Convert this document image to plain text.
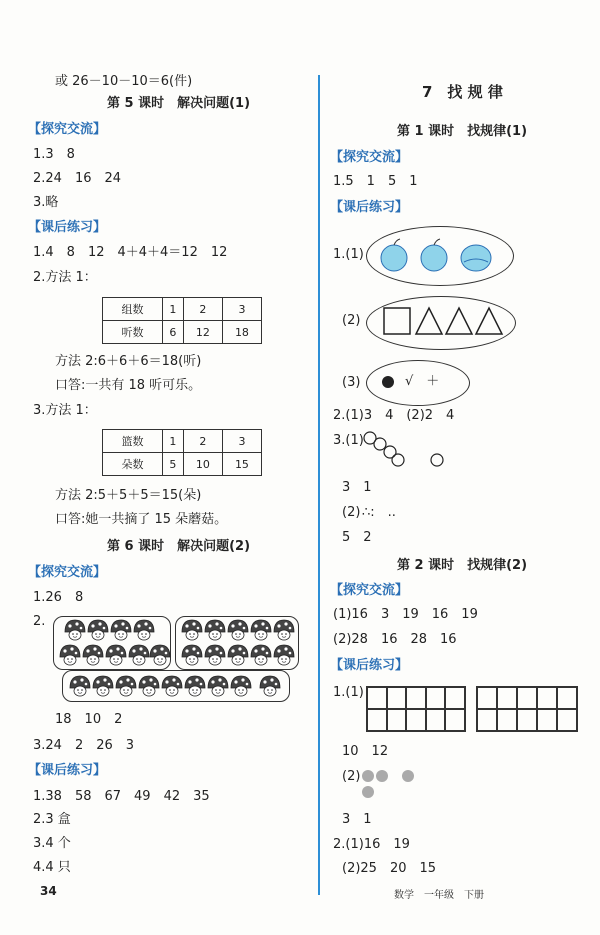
或 26－10－10＝6(件)
第 5 课时　解决问题(1)
【探究交流】
1.3　8
2.24　16　24
3.略
【课后练习】
1.4　8　12　4＋4＋4＝12　12
2.方法 1：
组数	1	2	3
听数	6	12	18
方法 2:6＋6＋6＝18(听)
口答:一共有 18 听可乐。
3.方法 1：
篮数	1	2	3
朵数	5	10	15
方法 2:5＋5＋5＝15(朵)
口答:她一共摘了 15 朵蘑菇。
第 6 课时　解决问题(2)
【探究交流】
1.26　8
2.
18　10　2
3.24　2　26　3
【课后练习】
1.38　58　67　49　42　35
2.3 盒
3.4 个
4.4 只
34
7　找 规 律
第 1 课时　找规律(1)
【探究交流】
1.5　1　5　1
【课后练习】
1.(1)
(2)
(3)	√　＋
2.(1)3　4　(2)2　4
3.(1)
3　1
(2) ∴:　..
5　2
第 2 课时　找规律(2)
【探究交流】
(1)16　3　19　16　19
(2)28　16　28　16
【课后练习】
1.(1)
10　12
(2)
3　1
2.(1)16　19
(2)25　20　15
数学　一年级　下册
